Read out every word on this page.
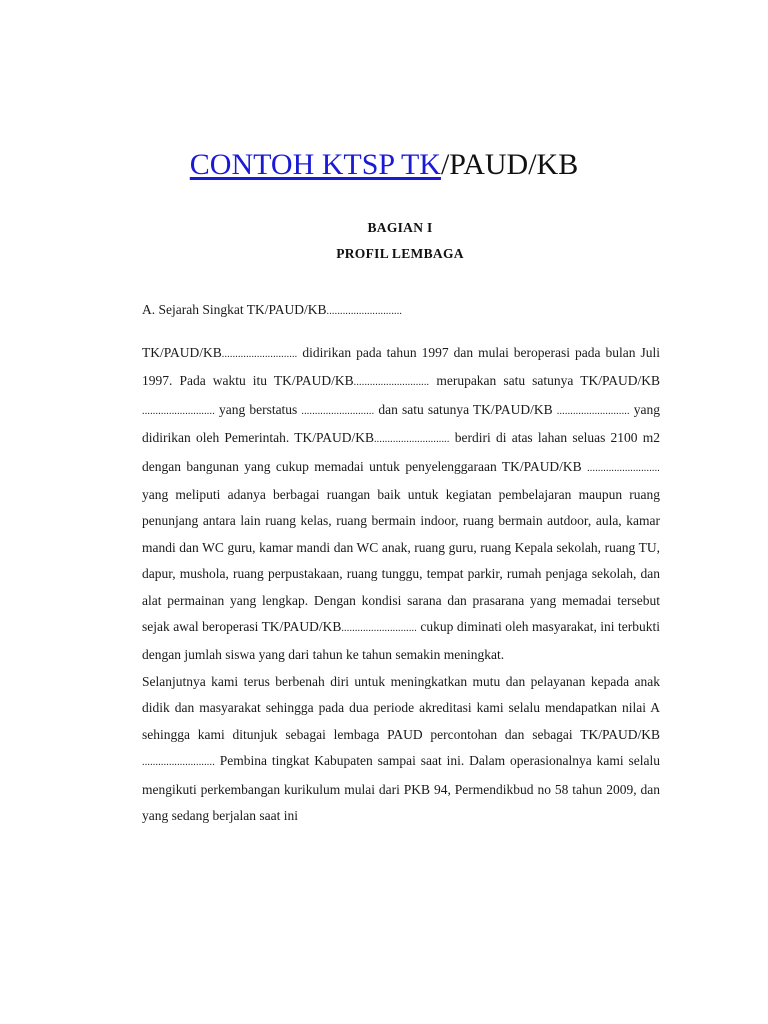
CONTOH KTSP TK/PAUD/KB
BAGIAN I
PROFIL LEMBAGA
A. Sejarah Singkat TK/PAUD/KB............................

TK/PAUD/KB............................ didirikan pada tahun 1997 dan mulai beroperasi pada bulan Juli 1997. Pada waktu itu TK/PAUD/KB............................ merupakan satu satunya TK/PAUD/KB ........................... yang berstatus ........................... dan satu satunya TK/PAUD/KB ........................... yang didirikan oleh Pemerintah. TK/PAUD/KB............................ berdiri di atas lahan seluas 2100 m2 dengan bangunan yang cukup memadai untuk penyelenggaraan TK/PAUD/KB ........................... yang meliputi adanya berbagai ruangan baik untuk kegiatan pembelajaran maupun ruang penunjang antara lain ruang kelas, ruang bermain indoor, ruang bermain autdoor, aula, kamar mandi dan WC guru, kamar mandi dan WC anak, ruang guru, ruang Kepala sekolah, ruang TU, dapur, mushola, ruang perpustakaan, ruang tunggu, tempat parkir, rumah penjaga sekolah, dan alat permainan yang lengkap. Dengan kondisi sarana dan prasarana yang memadai tersebut sejak awal beroperasi TK/PAUD/KB............................ cukup diminati oleh masyarakat, ini terbukti dengan jumlah siswa yang dari tahun ke tahun semakin meningkat.

Selanjutnya kami terus berbenah diri untuk meningkatkan mutu dan pelayanan kepada anak didik dan masyarakat sehingga pada dua periode akreditasi kami selalu mendapatkan nilai A sehingga kami ditunjuk sebagai lembaga PAUD percontohan dan sebagai TK/PAUD/KB ........................... Pembina tingkat Kabupaten sampai saat ini. Dalam operasionalnya kami selalu mengikuti perkembangan kurikulum mulai dari PKB 94, Permendikbud no 58 tahun 2009, dan yang sedang berjalan saat ini
